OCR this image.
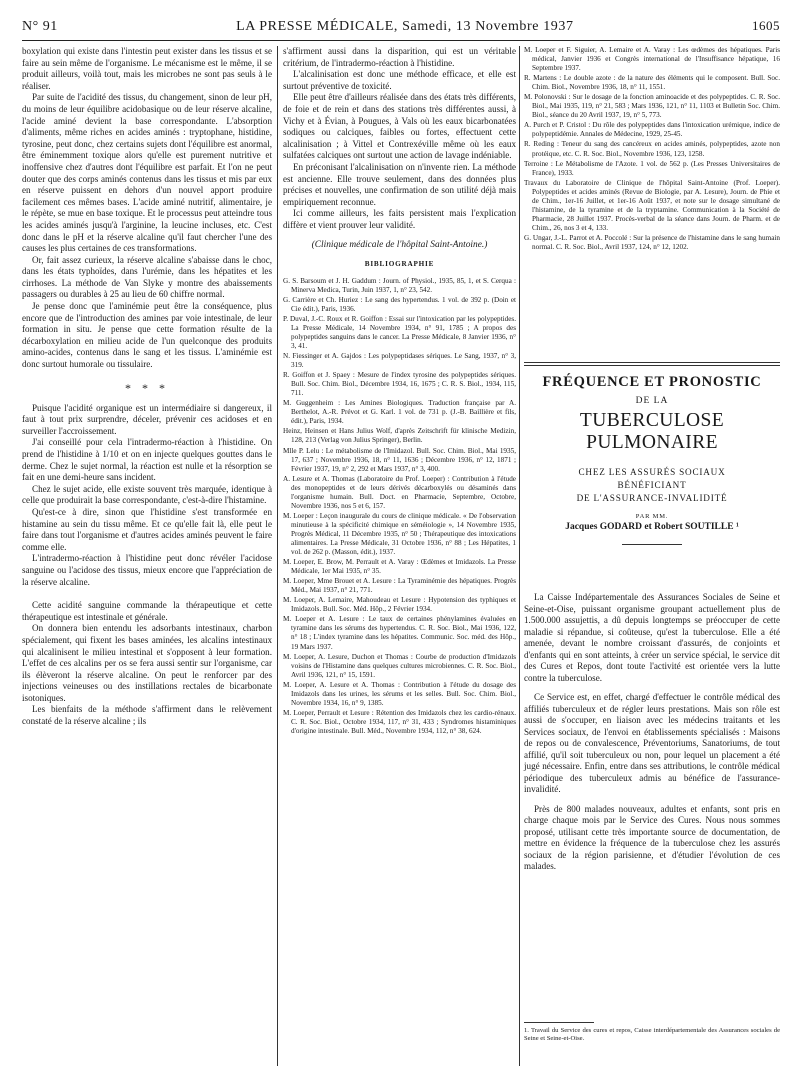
N° 91	LA PRESSE MÉDICALE, Samedi, 13 Novembre 1937	1605

boxylation qui existe dans l'intestin peut exister dans les tissus et se faire au sein même de l'organisme. Le mécanisme est le même, il se produit ailleurs, voilà tout, mais les microbes ne sont pas seuls à le réaliser.

Par suite de l'acidité des tissus, du changement, sinon de leur pH, du moins de leur équilibre acidobasique ou de leur réserve alcaline, l'acide aminé devient la base correspondante. L'absorption d'aliments, même riches en acides aminés : tryptophane, histidine, tyrosine, peut donc, chez certains sujets dont l'équilibre est anormal, être éminemment toxique alors qu'elle est purement nutritive et inoffensive chez d'autres dont l'équilibre est parfait. Et l'on ne peut douter que des corps aminés contenus dans les tissus et mis par eux en réserve puissent en dehors d'un nouvel apport produire facilement ces mêmes bases. L'acide aminé nutritif, alimentaire, je le répète, se mue en base toxique. Et le processus peut atteindre tous les acides aminés jusqu'à l'arginine, la leucine incluses, etc. C'est donc dans le pH et la réserve alcaline qu'il faut chercher l'une des causes les plus certaines de ces transformations.

Or, fait assez curieux, la réserve alcaline s'abaisse dans le choc, dans les états typhoïdes, dans l'urémie, dans les hépatites et les cirrhoses. La méthode de Van Slyke y montre des abaissements passagers ou durables à 25 au lieu de 60 chiffre normal.

Je pense donc que l'aminémie peut être la conséquence, plus encore que de l'introduction des amines par voie intestinale, de leur formation in situ. Je pense que cette formation résulte de la décarboxylation en milieu acide de l'un quelconque des produits amino-acides, contenus dans le sang et les tissus. L'aminémie est donc surtout humorale ou tissulaire.

* * *

Puisque l'acidité organique est un intermédiaire si dangereux, il faut à tout prix surprendre, déceler, prévenir ces acidoses et en surveiller l'accroissement.

J'ai conseillé pour cela l'intradermo-réaction à l'histidine. On prend de l'histidine à 1/10 et on en injecte quelques gouttes dans le derme. Chez le sujet normal, la réaction est nulle et la résorption se fait en une demi-heure sans incident.

Chez le sujet acide, elle existe souvent très marquée, identique à celle que produirait la base correspondante, c'est-à-dire l'histamine.

Qu'est-ce à dire, sinon que l'histidine s'est transformée en histamine au sein du tissu même. Et ce qu'elle fait là, elle peut le faire dans tout l'organisme et d'autres acides aminés peuvent le faire comme elle.

L'intradermo-réaction à l'histidine peut donc révéler l'acidose sanguine ou l'acidose des tissus, mieux encore que l'appréciation de la réserve alcaline.

Cette acidité sanguine commande la thérapeutique et cette thérapeutique est intestinale et générale.

On donnera bien entendu les adsorbants intestinaux, charbon spécialement, qui fixent les bases aminées, les alcalins intestinaux qui alcalinisent le milieu intestinal et s'opposent à leur formation. L'effet de ces alcalins per os se fera aussi sentir sur l'organisme, car ils élèveront la réserve alcaline. On peut le renforcer par des injections veineuses ou des instillations rectales de bicarbonate isotoniques.

Les bienfaits de la méthode s'affirment dans le relèvement constaté de la réserve alcaline ; ils

s'affirment aussi dans la disparition, qui est un véritable critérium, de l'intradermo-réaction à l'histidine.

L'alcalinisation est donc une méthode efficace, et elle est surtout préventive de toxicité.

Elle peut être d'ailleurs réalisée dans des états très différents, de foie et de rein et dans des stations très différentes aussi, à Vichy et à Évian, à Pougues, à Vals où les eaux bicarbonatées sodiques ou calciques, faibles ou fortes, effectuent cette alcalinisation ; à Vittel et Contrexéville même où les eaux sulfatées calciques ont surtout une action de lavage indéniable.

En préconisant l'alcalinisation on n'invente rien. La méthode est ancienne. Elle trouve seulement, dans des données plus précises et nouvelles, une confirmation de son utilité déjà mais empiriquement reconnue.

Ici comme ailleurs, les faits persistent mais l'explication diffère et vient prouver leur validité.

(Clinique médicale de l'hôpital Saint-Antoine.)
BIBLIOGRAPHIE
G. S. Barsoum et J. H. Gaddum : Journ. of Physiol., 1935, 85, 1, et S. Cerqua : Minerva Medica, Turin, Juin 1937, 1, n° 23, 542.
G. Carrière et Ch. Huriez : Le sang des hypertendus. 1 vol. de 392 p. (Doin et Cie édit.), Paris, 1936.
P. Duval, J.-C. Roux et R. Goiffon : Essai sur l'intoxication par les polypeptides. La Presse Médicale, 14 Novembre 1934, n° 91, 1785 ; A propos des polypeptides sanguins dans le cancer. La Presse Médicale, 8 Janvier 1936, n° 3, 41.
N. Fiessinger et A. Gajdos : Les polypeptidases sériques. Le Sang, 1937, n° 3, 319.
R. Goiffon et J. Spaey : Mesure de l'index tyrosine des polypeptides sériques. Bull. Soc. Chim. Biol., Décembre 1934, 16, 1675 ; C. R. S. Biol., 1934, 115, 711.
M. Guggenheim : Les Amines Biologiques. Traduction française par A. Berthelot, A.-R. Prévot et G. Karl. 1 vol. de 731 p. (J.-B. Baillière et fils, édit.), Paris, 1934.
Heinz, Heinsen et Hans Julius Wolf, d'après Zeitschrift für klinische Medizin, 128, 213 (Verlag von Julius Springer), Berlin.
Mlle P. Lelu : Le métabolisme de l'Imidazol. Bull. Soc. Chim. Biol., Mai 1935, 17, 637 ; Novembre 1936, 18, n° 11, 1636 ; Décembre 1936, n° 12, 1871 ; Février 1937, 19, n° 2, 292 et Mars 1937, n° 3, 400.
A. Lesure et A. Thomas (Laboratoire du Prof. Loeper) : Contribution à l'étude des monopeptides et de leurs dérivés décarboxylés ou désaminés dans l'organisme humain. Bull. Doct. en Pharmacie, Septembre, Octobre, Novembre 1936, nos 5 et 6, 157.
M. Loeper : Leçon inaugurale du cours de clinique médicale. « De l'observation minutieuse à la spécificité chimique en séméiologie », 14 Novembre 1935, Progrès Médical, 11 Décembre 1935, n° 50 ; Thérapeutique des intoxications alimentaires. La Presse Médicale, 31 Octobre 1936, n° 88 ; Les Hépatites, 1 vol. de 262 p. (Masson, édit.), 1937.
M. Loeper, E. Brow, M. Perrault et A. Varay : Œdèmes et Imidazols. La Presse Médicale, 1er Mai 1935, n° 35.
M. Loeper, Mme Brouet et A. Lesure : La Tyraminémie des hépatiques. Progrès Méd., Mai 1937, n° 21, 771.
M. Loeper, A. Lemaire, Mahoudeau et Lesure : Hypotension des typhiques et Imidazols. Bull. Soc. Méd. Hôp., 2 Février 1934.
M. Loeper et A. Lesure : Le taux de certaines phénylamines évaluées en tyramine dans les sérums des hypertendus. C. R. Soc. Biol., Mai 1936, 122, n° 18 ; L'index tyramine dans les hépatites. Communic. Soc. méd. des Hôp., 19 Mars 1937.
M. Loeper, A. Lesure, Duchon et Thomas : Courbe de production d'Imidazols voisins de l'Histamine dans quelques cultures microbiennes. C. R. Soc. Biol., Avril 1936, 121, n° 15, 1591.
M. Loeper, A. Lesure et A. Thomas : Contribution à l'étude du dosage des Imidazols dans les urines, les sérums et les selles. Bull. Soc. Chim. Biol., Novembre 1934, 16, n° 9, 1385.
M. Loeper, Perrault et Lesure : Rétention des Imidazols chez les cardio-rénaux. C. R. Soc. Biol., Octobre 1934, 117, n° 31, 433 ; Syndromes histaminiques d'origine intestinale. Bull. Méd., Novembre 1934, 112, n° 38, 624.
M. Loeper et F. Siguier, A. Lemaire et A. Varay : Les œdèmes des hépatiques. Paris médical, Janvier 1936 et Congrès international de l'Insuffisance hépatique, 16 Septembre 1937.
R. Martens : Le double azote : de la nature des éléments qui le composent. Bull. Soc. Chim. Biol., Novembre 1936, 18, n° 11, 1551.
M. Polonovski : Sur le dosage de la fonction aminoacide et des polypeptides. C. R. Soc. Biol., Mai 1935, 119, n° 21, 583 ; Mars 1936, 121, n° 11, 1103 et Bulletin Soc. Chim. Biol., séance du 20 Avril 1937, 19, n° 5, 773.
A. Purch et P. Cristol : Du rôle des polypeptides dans l'intoxication urémique, indice de polypeptidémie. Annales de Médecine, 1929, 25-45.
R. Reding : Teneur du sang des cancéreux en acides aminés, polypeptides, azote non protéique, etc. C. R. Soc. Biol., Novembre 1936, 123, 1258.
Terroine : Le Métabolisme de l'Azote. 1 vol. de 562 p. (Les Presses Universitaires de France), 1933.
Travaux du Laboratoire de Clinique de l'hôpital Saint-Antoine (Prof. Loeper). Polypeptides et acides aminés (Revue de Biologie, par A. Lesure), Journ. de Phie et de Chim., 1er-16 Juillet, et 1er-16 Août 1937, et note sur le dosage simultané de l'histamine, de la tyramine et de la tryptamine. Communication à la Société de Pharmacie, 28 Juillet 1937. Procès-verbal de la séance dans Journ. de Pharm. et de Chim., 26, nos 3 et 4, 133.
G. Ungar, J.-L. Parrot et A. Poccolé : Sur la présence de l'histamine dans le sang humain normal. C. R. Soc. Biol., Avril 1937, 124, n° 12, 1202.
FRÉQUENCE ET PRONOSTIC
DE LA
TUBERCULOSE PULMONAIRE
CHEZ LES ASSURÉS SOCIAUX
BÉNÉFICIANT
DE L'ASSURANCE-INVALIDITÉ
PAR MM.
Jacques GODARD et Robert SOUTILLE ¹

La Caisse Indépartementale des Assurances Sociales de Seine et Seine-et-Oise, puissant organisme groupant actuellement plus de 1.500.000 assujettis, a dû depuis longtemps se préoccuper de cette maladie si répandue, si coûteuse, qu'est la tuberculose. Elle a été amenée, devant le nombre croissant d'assurés, de conjoints et d'enfants qui en sont atteints, à créer un service spécial, le service dit des Cures et Repos, dont toute l'activité est orientée vers la lutte contre la tuberculose.

Ce Service est, en effet, chargé d'effectuer le contrôle médical des affiliés tuberculeux et de régler leurs prestations. Mais son rôle est aussi de s'occuper, en liaison avec les médecins traitants et les Services sociaux, de l'envoi en établissements spécialisés : Maisons de repos ou de convalescence, Préventoriums, Sanatoriums, de tout affilié, qu'il soit tuberculeux ou non, pour lequel un placement a été jugé nécessaire. Enfin, entre dans ses attributions, le contrôle médical périodique des tuberculeux admis au bénéfice de l'assurance-invalidité.

Près de 800 malades nouveaux, adultes et enfants, sont pris en charge chaque mois par le Service des Cures. Nous nous sommes proposé, utilisant cette très importante source de documentation, de mettre en évidence la fréquence de la tuberculose chez les assurés sociaux de la région parisienne, et d'étudier l'évolution de ces malades.

1. Travail du Service des cures et repos, Caisse interdépartementale des Assurances sociales de Seine et Seine-et-Oise.
